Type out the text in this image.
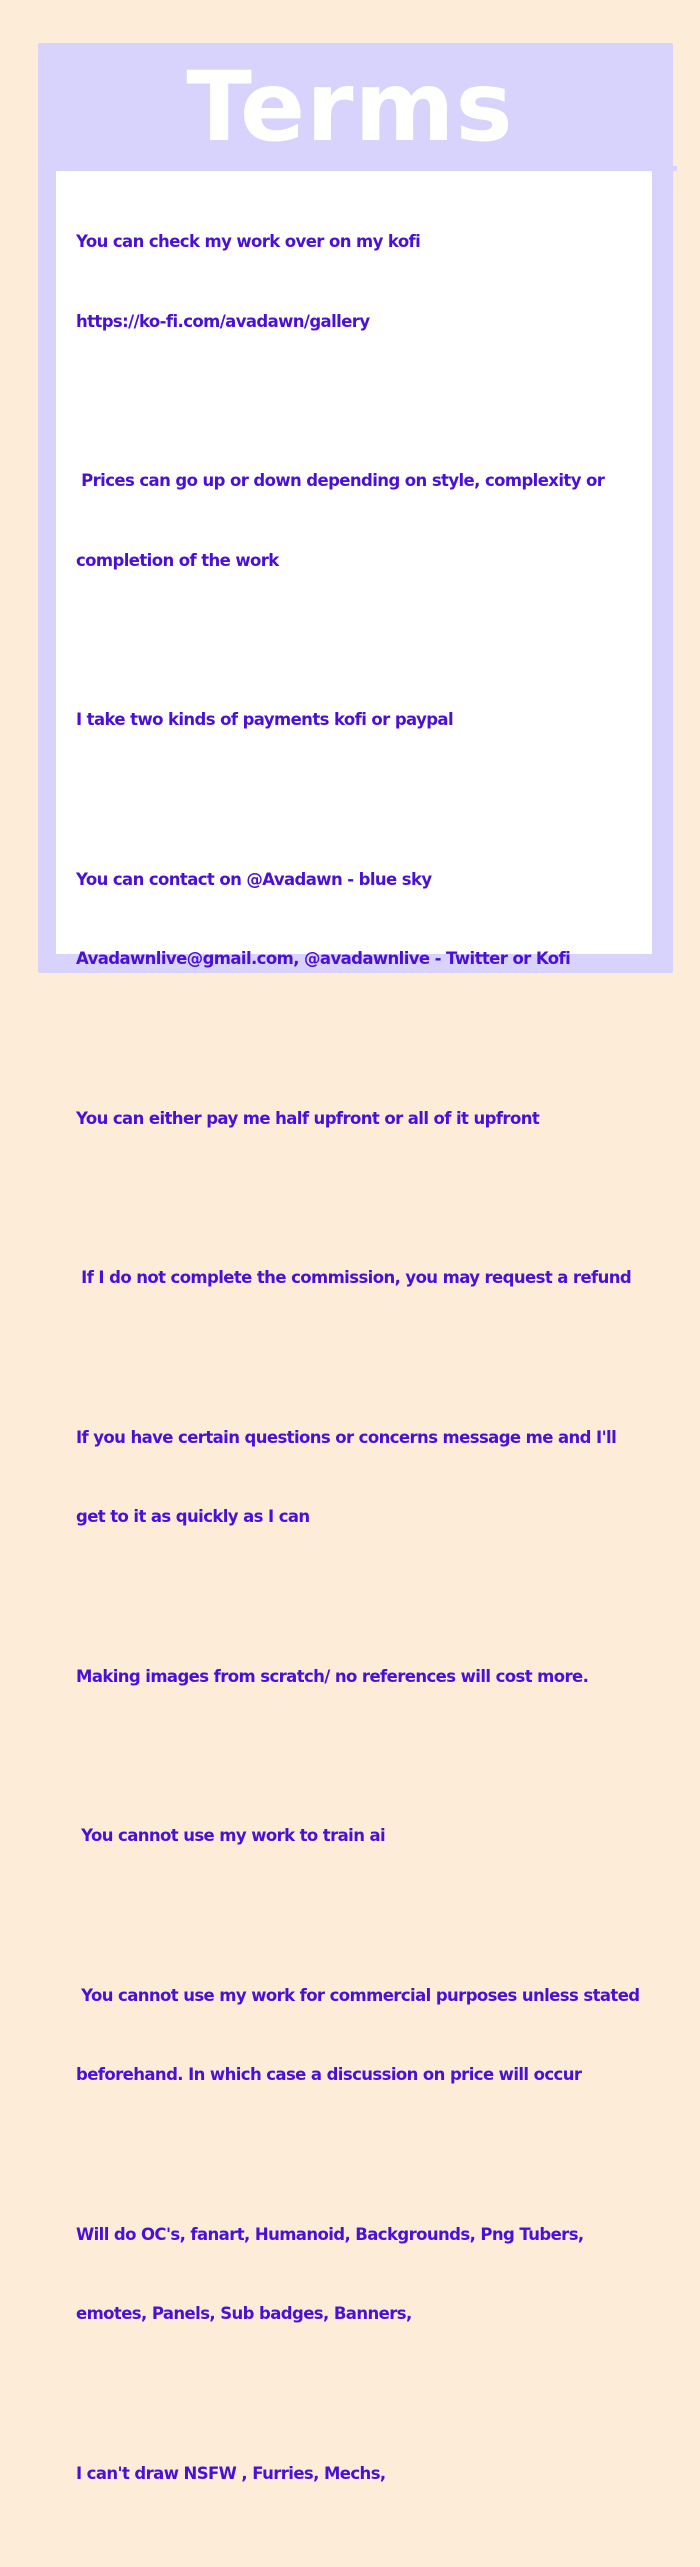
Terms

You can check my work over on my kofi

https://ko-fi.com/avadawn/gallery

Prices can go up or down depending on style, complexity or

completion of the work

I take two kinds of payments kofi or paypal

You can contact on @Avadawn - blue sky

Avadawnlive@gmail.com, @avadawnlive - Twitter or Kofi

You can either pay me half upfront or all of it upfront

If I do not complete the commission, you may request a refund

If you have certain questions or concerns message me and I'll

get to it as quickly as I can

Making images from scratch/ no references will cost more.

You cannot use my work to train ai

You cannot use my work for commercial purposes unless stated

beforehand. In which case a discussion on price will occur

Will do OC's, fanart, Humanoid, Backgrounds, Png Tubers,

emotes, Panels, Sub badges, Banners,

I can't draw NSFW , Furries, Mechs,
